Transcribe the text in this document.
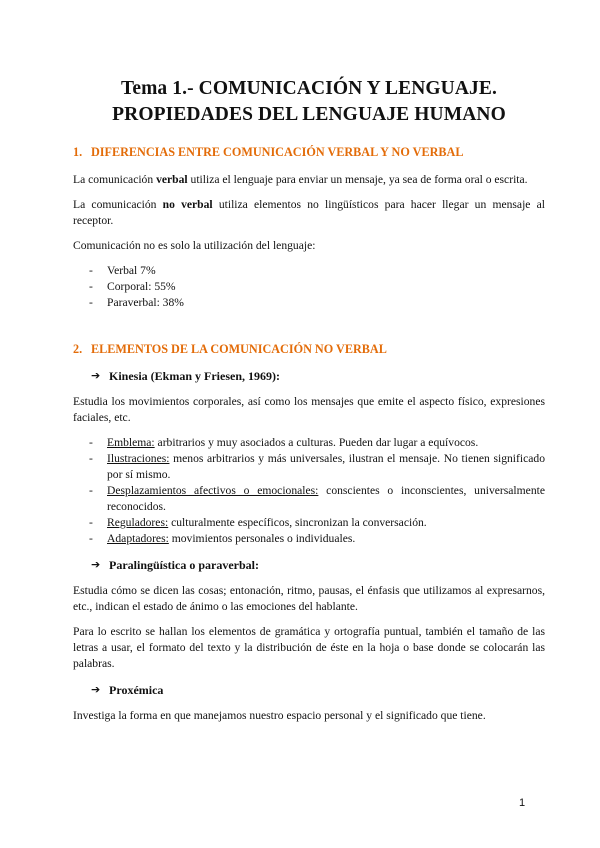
Tema 1.- COMUNICACIÓN Y LENGUAJE.
PROPIEDADES DEL LENGUAJE HUMANO
1. DIFERENCIAS ENTRE COMUNICACIÓN VERBAL Y NO VERBAL

La comunicación verbal utiliza el lenguaje para enviar un mensaje, ya sea de forma oral o escrita.

La comunicación no verbal utiliza elementos no lingüísticos para hacer llegar un mensaje al receptor.

Comunicación no es solo la utilización del lenguaje:

- Verbal 7%
- Corporal: 55%
- Paraverbal: 38%
2. ELEMENTOS DE LA COMUNICACIÓN NO VERBAL
➔ Kinesia (Ekman y Friesen, 1969):

Estudia los movimientos corporales, así como los mensajes que emite el aspecto físico, expresiones faciales, etc.

- Emblema: arbitrarios y muy asociados a culturas. Pueden dar lugar a equívocos.
- Ilustraciones: menos arbitrarios y más universales, ilustran el mensaje. No tienen significado por sí mismo.
- Desplazamientos afectivos o emocionales: conscientes o inconscientes, universalmente reconocidos.
- Reguladores: culturalmente específicos, sincronizan la conversación.
- Adaptadores: movimientos personales o individuales.
➔ Paralingüística o paraverbal:

Estudia cómo se dicen las cosas; entonación, ritmo, pausas, el énfasis que utilizamos al expresarnos, etc., indican el estado de ánimo o las emociones del hablante.

Para lo escrito se hallan los elementos de gramática y ortografía puntual, también el tamaño de las letras a usar, el formato del texto y la distribución de éste en la hoja o base donde se colocarán las palabras.

➔ Proxémica

Investiga la forma en que manejamos nuestro espacio personal y el significado que tiene.

1
